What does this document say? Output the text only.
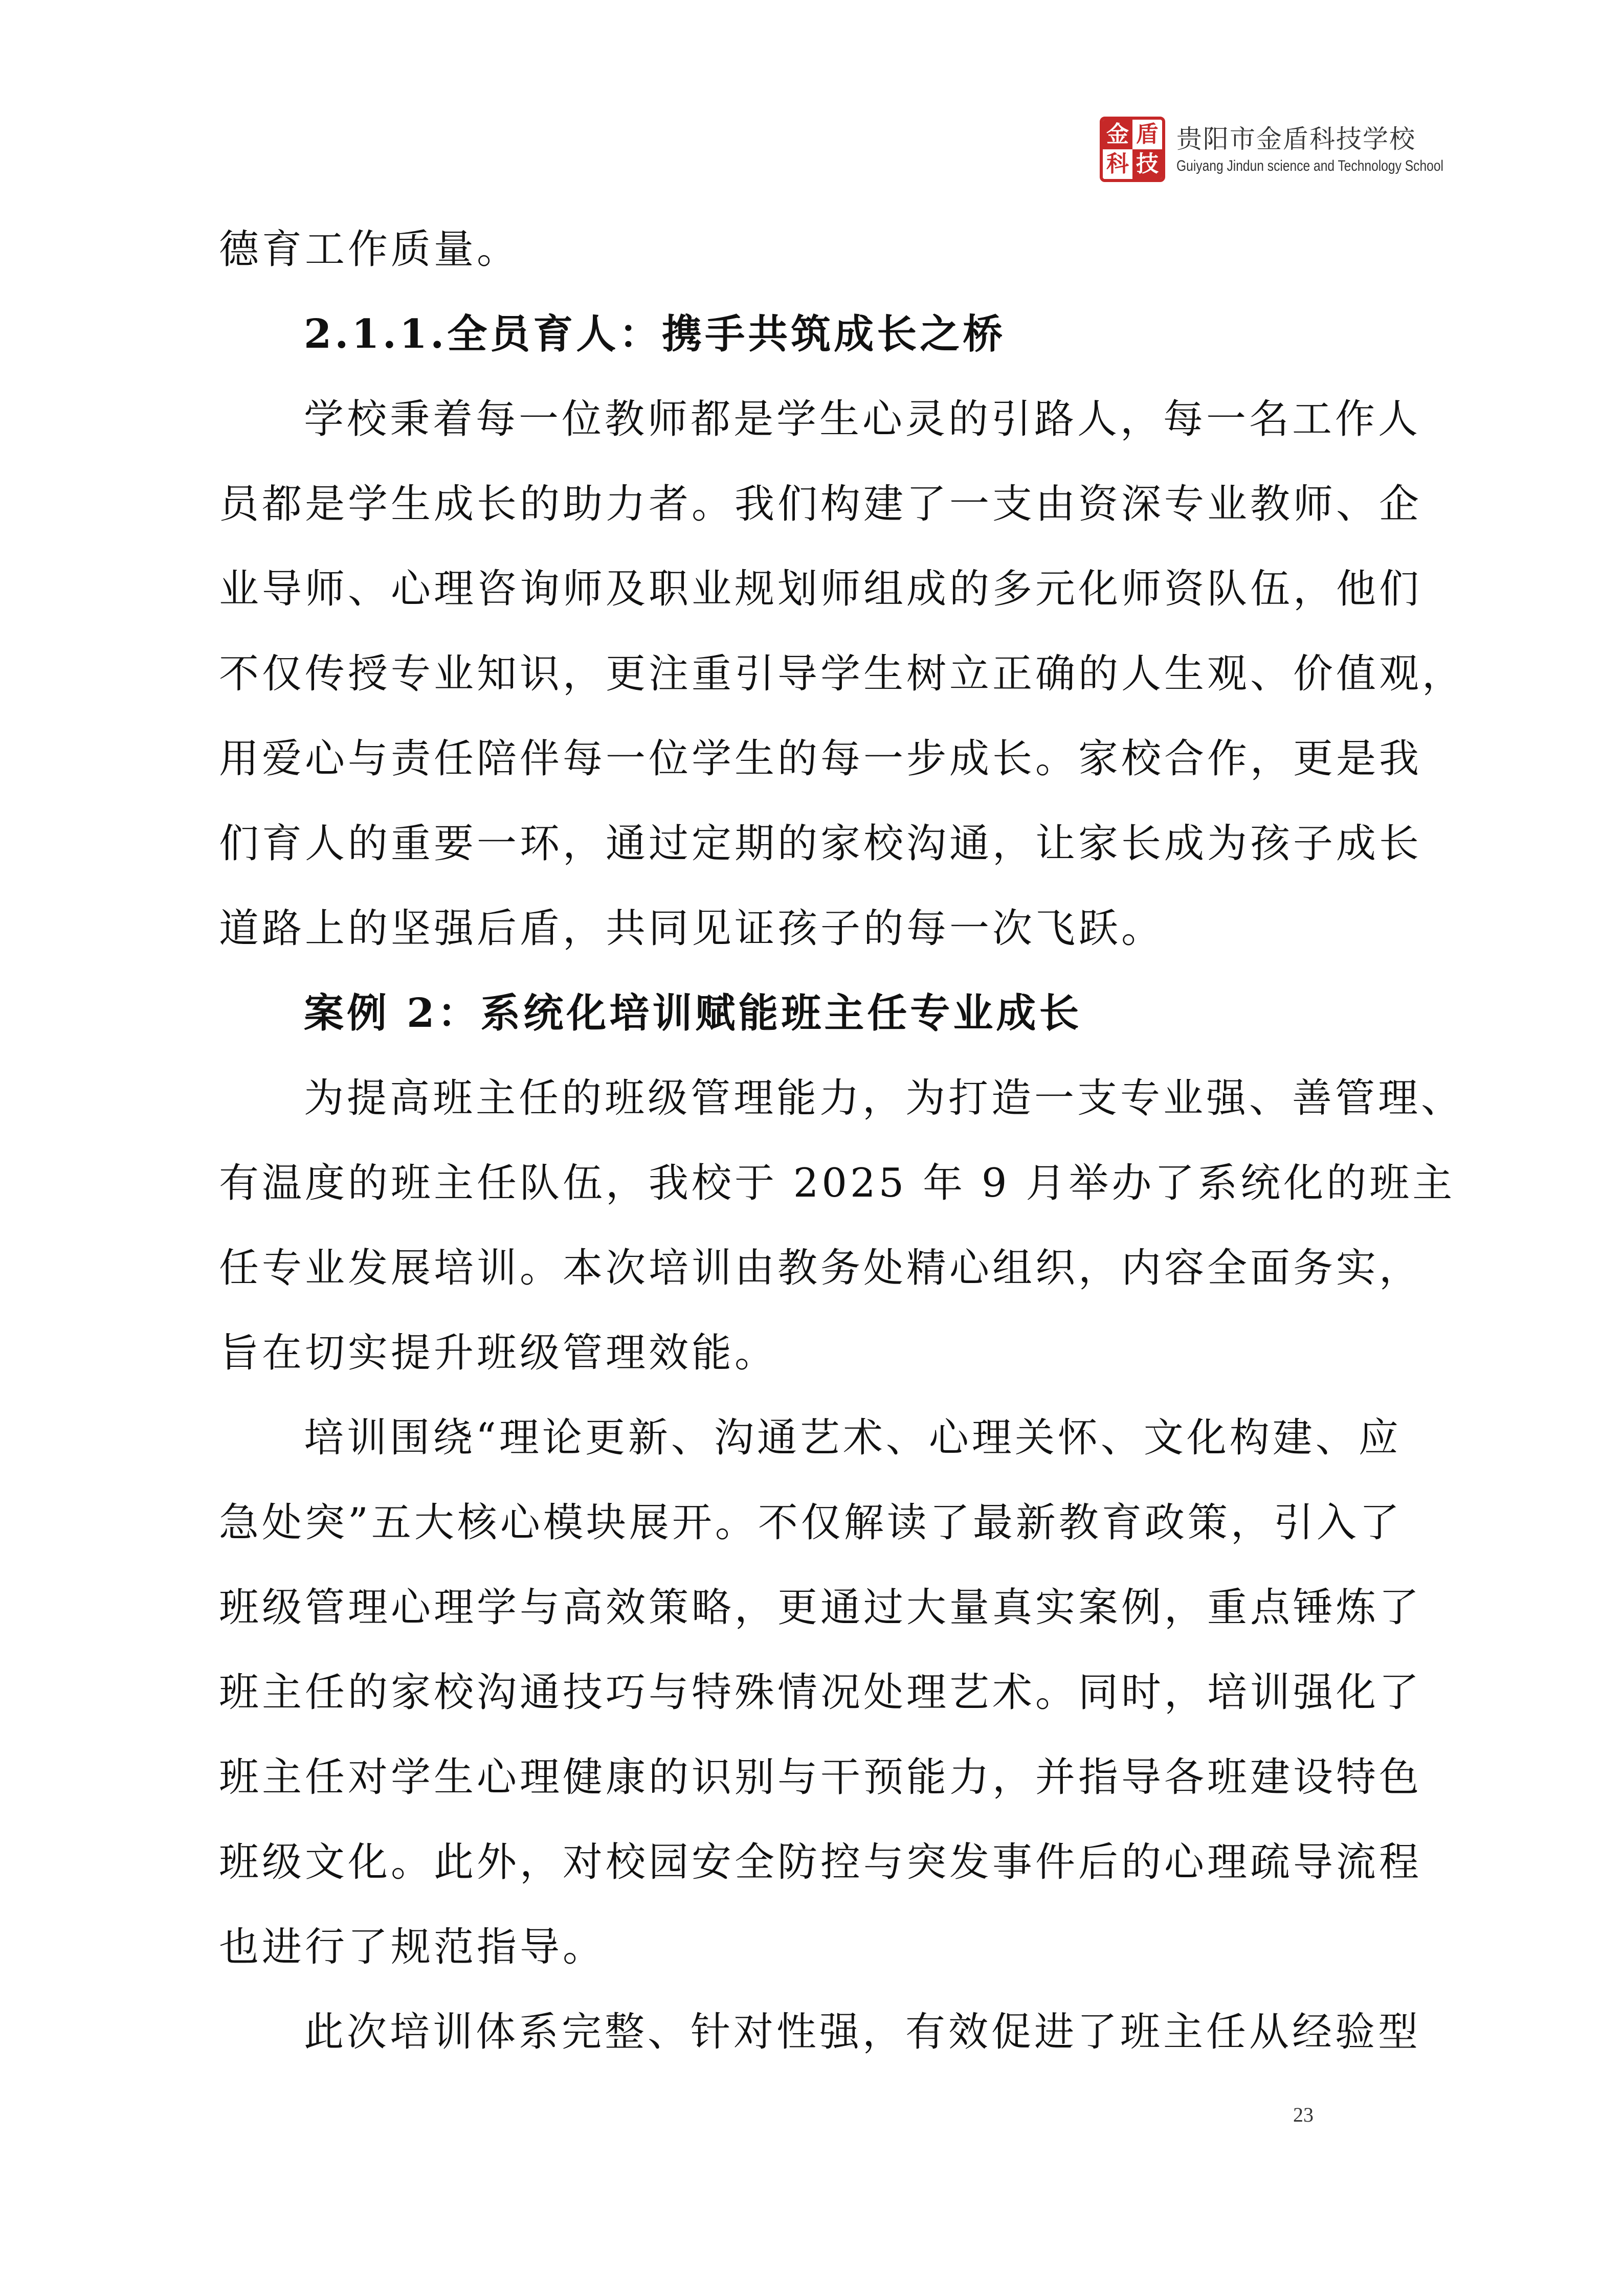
金 盾
科 技
贵阳市金盾科技学校
Guiyang Jindun science and Technology School
德育工作质量。
2.1.1.全员育人：携手共筑成长之桥
学校秉着每一位教师都是学生心灵的引路人，每一名工作人
员都是学生成长的助力者。我们构建了一支由资深专业教师、企
业导师、心理咨询师及职业规划师组成的多元化师资队伍，他们
不仅传授专业知识，更注重引导学生树立正确的人生观、价值观，
用爱心与责任陪伴每一位学生的每一步成长。家校合作，更是我
们育人的重要一环，通过定期的家校沟通，让家长成为孩子成长
道路上的坚强后盾，共同见证孩子的每一次飞跃。
案例 2：系统化培训赋能班主任专业成长
为提高班主任的班级管理能力，为打造一支专业强、善管理、
有温度的班主任队伍，我校于 2025 年 9 月举办了系统化的班主
任专业发展培训。本次培训由教务处精心组织，内容全面务实，
旨在切实提升班级管理效能。
培训围绕“理论更新、沟通艺术、心理关怀、文化构建、应
急处突”五大核心模块展开。不仅解读了最新教育政策，引入了
班级管理心理学与高效策略，更通过大量真实案例，重点锤炼了
班主任的家校沟通技巧与特殊情况处理艺术。同时，培训强化了
班主任对学生心理健康的识别与干预能力，并指导各班建设特色
班级文化。此外，对校园安全防控与突发事件后的心理疏导流程
也进行了规范指导。
此次培训体系完整、针对性强，有效促进了班主任从经验型
23
